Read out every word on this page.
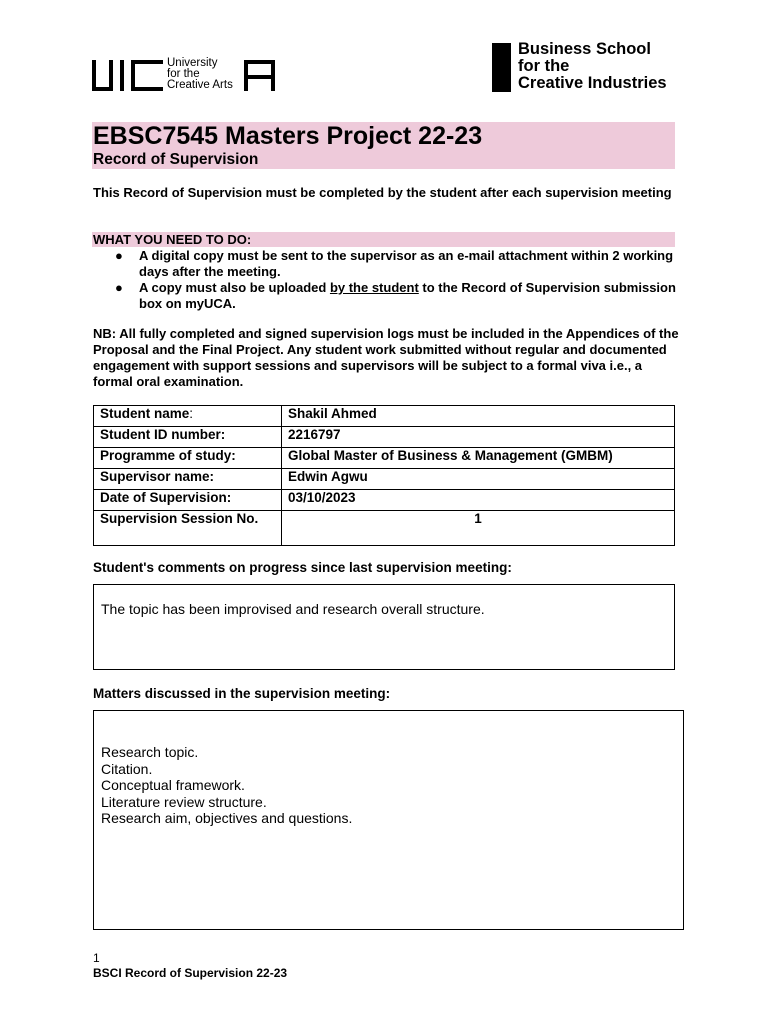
University
for the
Creative Arts
Business School
for the
Creative Industries
EBSC7545 Masters Project 22-23
Record of Supervision
This Record of Supervision must be completed by the student after each supervision meeting
WHAT YOU NEED TO DO:
● A digital copy must be sent to the supervisor as an e-mail attachment within 2 working days after the meeting.
● A copy must also be uploaded by the student to the Record of Supervision submission box on myUCA.
NB: All fully completed and signed supervision logs must be included in the Appendices of the Proposal and the Final Project. Any student work submitted without regular and documented engagement with support sessions and supervisors will be subject to a formal viva i.e., a formal oral examination.
Student name:	Shakil Ahmed
Student ID number:	2216797
Programme of study:	Global Master of Business & Management (GMBM)
Supervisor name:	Edwin Agwu
Date of Supervision:	03/10/2023
Supervision Session No.	1
Student's comments on progress since last supervision meeting:
The topic has been improvised and research overall structure.
Matters discussed in the supervision meeting:
Research topic.
Citation.
Conceptual framework.
Literature review structure.
Research aim, objectives and questions.
1
BSCI Record of Supervision 22-23
